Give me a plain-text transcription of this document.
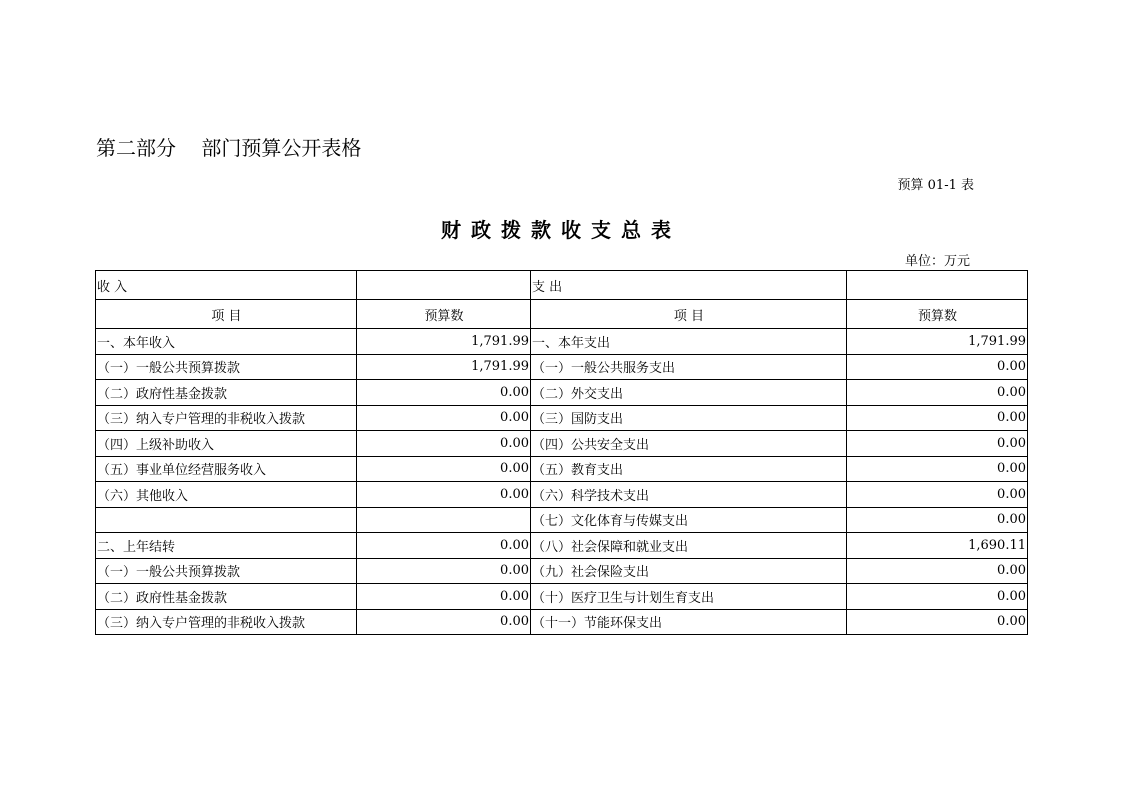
第二部分    部门预算公开表格
预算 01-1 表
财政拨款收支总表
单位：万元
收 入		支 出	
项 目	预算数	项 目	预算数
一、本年收入	1,791.99	一、本年支出	1,791.99
（一）一般公共预算拨款	1,791.99	（一）一般公共服务支出	0.00
（二）政府性基金拨款	0.00	（二）外交支出	0.00
（三）纳入专户管理的非税收入拨款	0.00	（三）国防支出	0.00
（四）上级补助收入	0.00	（四）公共安全支出	0.00
（五）事业单位经营服务收入	0.00	（五）教育支出	0.00
（六）其他收入	0.00	（六）科学技术支出	0.00
		（七）文化体育与传媒支出	0.00
二、上年结转	0.00	（八）社会保障和就业支出	1,690.11
（一）一般公共预算拨款	0.00	（九）社会保险支出	0.00
（二）政府性基金拨款	0.00	（十）医疗卫生与计划生育支出	0.00
（三）纳入专户管理的非税收入拨款	0.00	（十一）节能环保支出	0.00
